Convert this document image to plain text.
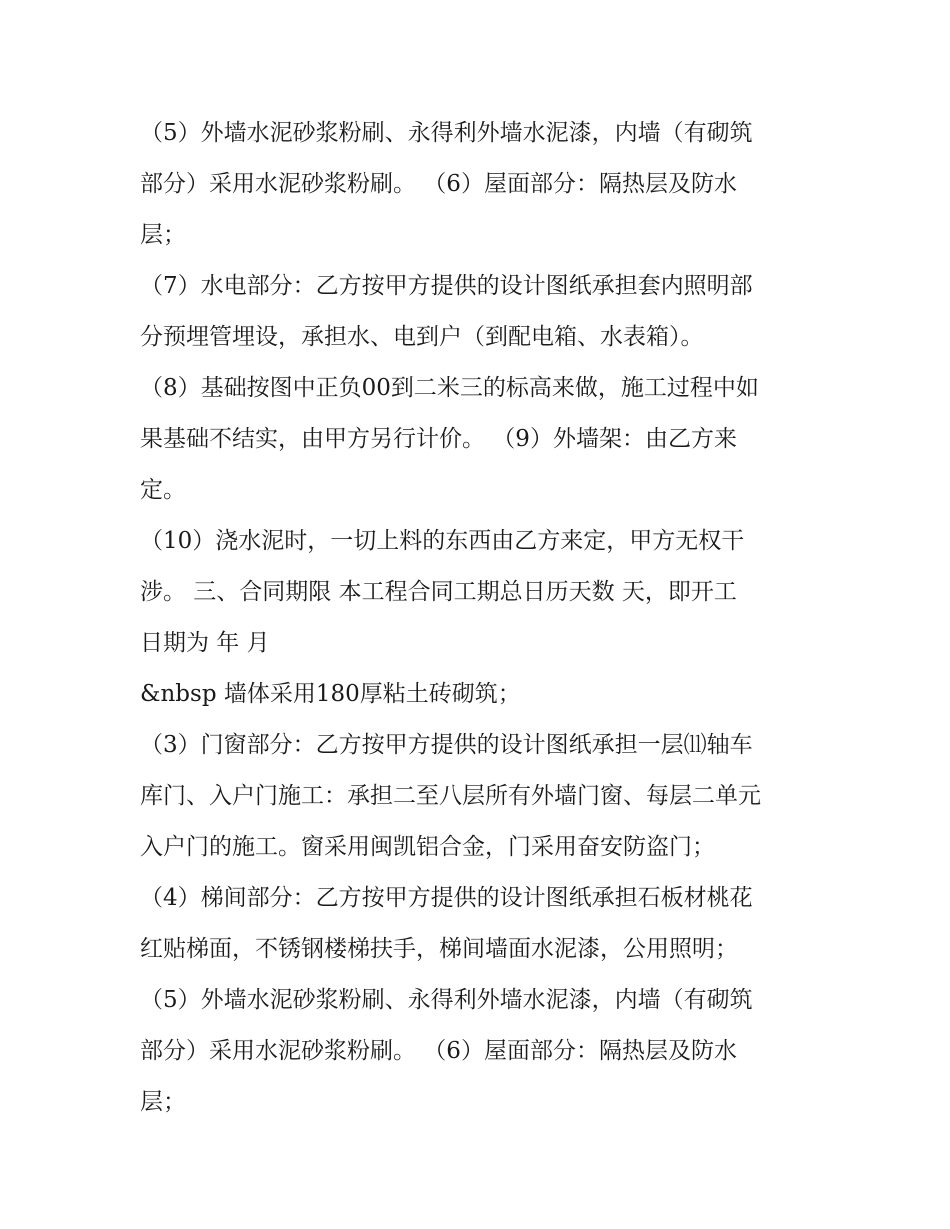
（5）外墙水泥砂浆粉刷、永得利外墙水泥漆，内墙（有砌筑
部分）采用水泥砂浆粉刷。 （6）屋面部分：隔热层及防水
层；
（7）水电部分：乙方按甲方提供的设计图纸承担套内照明部
分预埋管埋设，承担水、电到户（到配电箱、水表箱）。
（8）基础按图中正负00到二米三的标高来做，施工过程中如
果基础不结实，由甲方另行计价。 （9）外墙架：由乙方来
定。
（10）浇水泥时，一切上料的东西由乙方来定，甲方无权干
涉。 三、合同期限 本工程合同工期总日历天数 天，即开工
日期为 年 月
&nbsp 墙体采用180厚粘土砖砌筑；
（3）门窗部分：乙方按甲方提供的设计图纸承担一层⑾轴车
库门、入户门施工：承担二至八层所有外墙门窗、每层二单元
入户门的施工。窗采用闽凯铝合金，门采用奋安防盗门；
（4）梯间部分：乙方按甲方提供的设计图纸承担石板材桃花
红贴梯面，不锈钢楼梯扶手，梯间墙面水泥漆，公用照明；
（5）外墙水泥砂浆粉刷、永得利外墙水泥漆，内墙（有砌筑
部分）采用水泥砂浆粉刷。 （6）屋面部分：隔热层及防水
层；
